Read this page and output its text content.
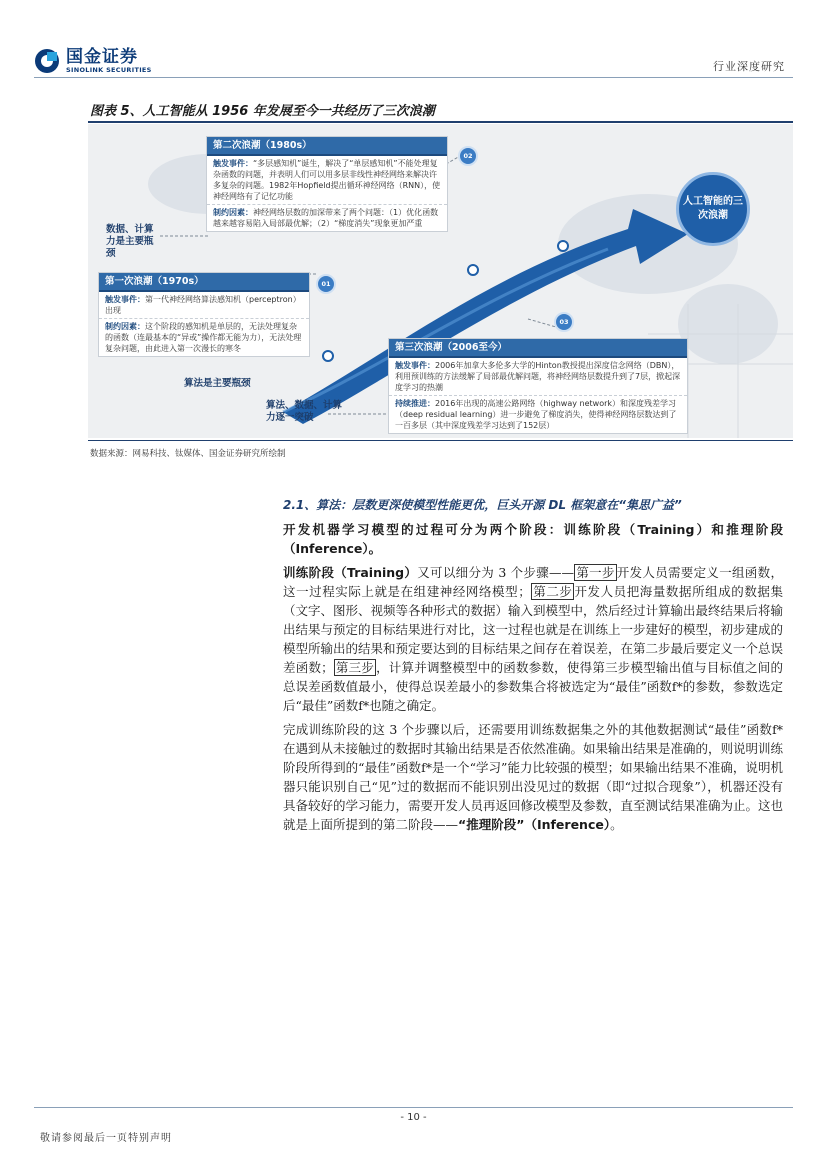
国金证券
SINOLINK SECURITIES	行业深度研究
图表 5、人工智能从 1956 年发展至今一共经历了三次浪潮
第二次浪潮（1980s）
触发事件：“多层感知机”诞生，解决了“单层感知机”不能处理复杂函数的问题，并表明人们可以用多层非线性神经网络来解决许多复杂的问题。1982年Hopfield提出循环神经网络（RNN），使神经网络有了记忆功能
制约因素：神经网络层数的加深带来了两个问题：（1）优化函数越来越容易陷入局部最优解；（2）“梯度消失”现象更加严重
第一次浪潮（1970s）
触发事件：第一代神经网络算法感知机（perceptron）出现
制约因素：这个阶段的感知机是单层的，无法处理复杂的函数（连最基本的“异或”操作都无能为力），无法处理复杂问题，由此进入第一次漫长的寒冬	第三次浪潮（2006至今）
触发事件：2006年加拿大多伦多大学的Hinton教授提出深度信念网络（DBN），利用预训练的方法缓解了局部最优解问题，将神经网络层数提升到了7层，掀起深度学习的热潮
持续推进：2016年出现的高速公路网络（highway network）和深度残差学习（deep residual learning）进一步避免了梯度消失，使得神经网络层数达到了一百多层（其中深度残差学习达到了152层）
数据、计算力是主要瓶颈
算法是主要瓶颈
算法、数据、计算力逐一突破
01
02
03
人工智能的三次浪潮
数据来源：网易科技、钛媒体、国金证券研究所绘制
2.1、算法：层数更深使模型性能更优，巨头开源 DL 框架意在“集思广益”
开发机器学习模型的过程可分为两个阶段：训练阶段（Training）和推理阶段（Inference）。
训练阶段（Training）又可以细分为 3 个步骤—— 第一步 开发人员需要定义一组函数，这一过程实际上就是在组建神经网络模型； 第二步 开发人员把海量数据所组成的数据集（文字、图形、视频等各种形式的数据）输入到模型中，然后经过计算输出最终结果后将输出结果与预定的目标结果进行对比，这一过程也就是在训练上一步建好的模型，初步建成的模型所输出的结果和预定要达到的目标结果之间存在着误差，在第二步最后要定义一个总误差函数； 第三步 ，计算并调整模型中的函数参数，使得第三步模型输出值与目标值之间的总误差函数值最小，使得总误差最小的参数集合将被选定为“最佳”函数f*的参数，参数选定后“最佳”函数f*也随之确定。
完成训练阶段的这 3 个步骤以后，还需要用训练数据集之外的其他数据测试“最佳”函数f*在遇到从未接触过的数据时其输出结果是否依然准确。如果输出结果是准确的，则说明训练阶段所得到的“最佳”函数f*是一个“学习”能力比较强的模型；如果输出结果不准确，说明机器只能识别自己“见”过的数据而不能识别出没见过的数据（即“过拟合现象”），机器还没有具备较好的学习能力，需要开发人员再返回修改模型及参数，直至测试结果准确为止。这也就是上面所提到的第二阶段——“推理阶段”（Inference）。
- 10 -
敬请参阅最后一页特别声明
